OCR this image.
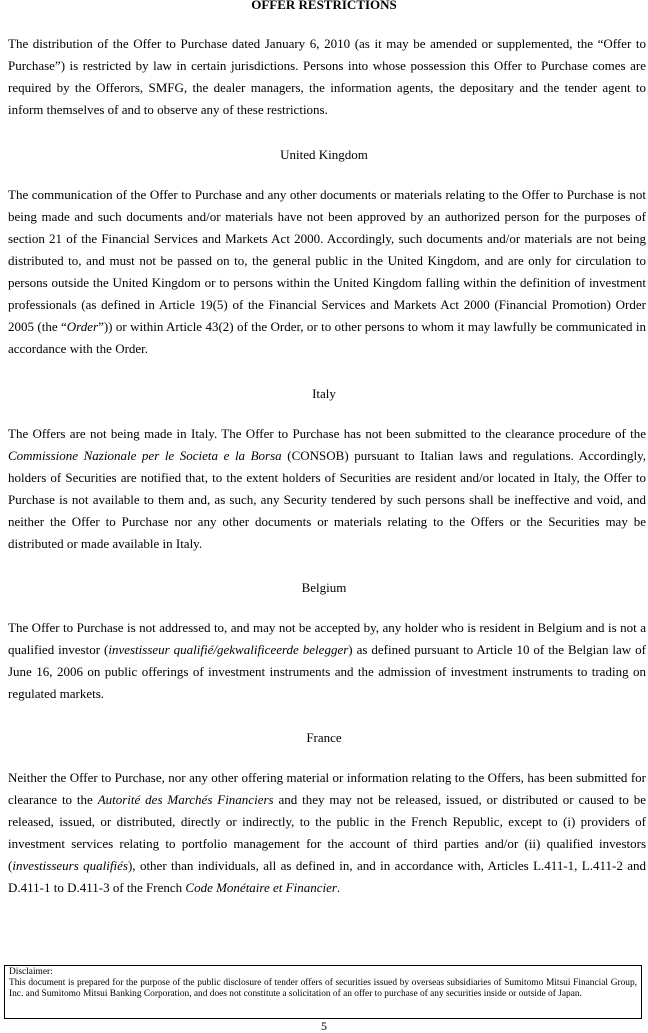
OFFER RESTRICTIONS

The distribution of the Offer to Purchase dated January 6, 2010 (as it may be amended or supplemented, the “Offer to Purchase”) is restricted by law in certain jurisdictions. Persons into whose possession this Offer to Purchase comes are required by the Offerors, SMFG, the dealer managers, the information agents, the depositary and the tender agent to inform themselves of and to observe any of these restrictions.

United Kingdom

The communication of the Offer to Purchase and any other documents or materials relating to the Offer to Purchase is not being made and such documents and/or materials have not been approved by an authorized person for the purposes of section 21 of the Financial Services and Markets Act 2000. Accordingly, such documents and/or materials are not being distributed to, and must not be passed on to, the general public in the United Kingdom, and are only for circulation to persons outside the United Kingdom or to persons within the United Kingdom falling within the definition of investment professionals (as defined in Article 19(5) of the Financial Services and Markets Act 2000 (Financial Promotion) Order 2005 (the “Order”)) or within Article 43(2) of the Order, or to other persons to whom it may lawfully be communicated in accordance with the Order.

Italy

The Offers are not being made in Italy. The Offer to Purchase has not been submitted to the clearance procedure of the Commissione Nazionale per le Societa e la Borsa (CONSOB) pursuant to Italian laws and regulations. Accordingly, holders of Securities are notified that, to the extent holders of Securities are resident and/or located in Italy, the Offer to Purchase is not available to them and, as such, any Security tendered by such persons shall be ineffective and void, and neither the Offer to Purchase nor any other documents or materials relating to the Offers or the Securities may be distributed or made available in Italy.

Belgium

The Offer to Purchase is not addressed to, and may not be accepted by, any holder who is resident in Belgium and is not a qualified investor (investisseur qualifié/gekwalificeerde belegger) as defined pursuant to Article 10 of the Belgian law of June 16, 2006 on public offerings of investment instruments and the admission of investment instruments to trading on regulated markets.

France

Neither the Offer to Purchase, nor any other offering material or information relating to the Offers, has been submitted for clearance to the Autorité des Marchés Financiers and they may not be released, issued, or distributed or caused to be released, issued, or distributed, directly or indirectly, to the public in the French Republic, except to (i) providers of investment services relating to portfolio management for the account of third parties and/or (ii) qualified investors (investisseurs qualifiés), other than individuals, all as defined in, and in accordance with, Articles L.411-1, L.411-2 and D.411-1 to D.411-3 of the French Code Monétaire et Financier.

Disclaimer:
This document is prepared for the purpose of the public disclosure of tender offers of securities issued by overseas subsidiaries of Sumitomo Mitsui Financial Group, Inc. and Sumitomo Mitsui Banking Corporation, and does not constitute a solicitation of an offer to purchase of any securities inside or outside of Japan.
5
